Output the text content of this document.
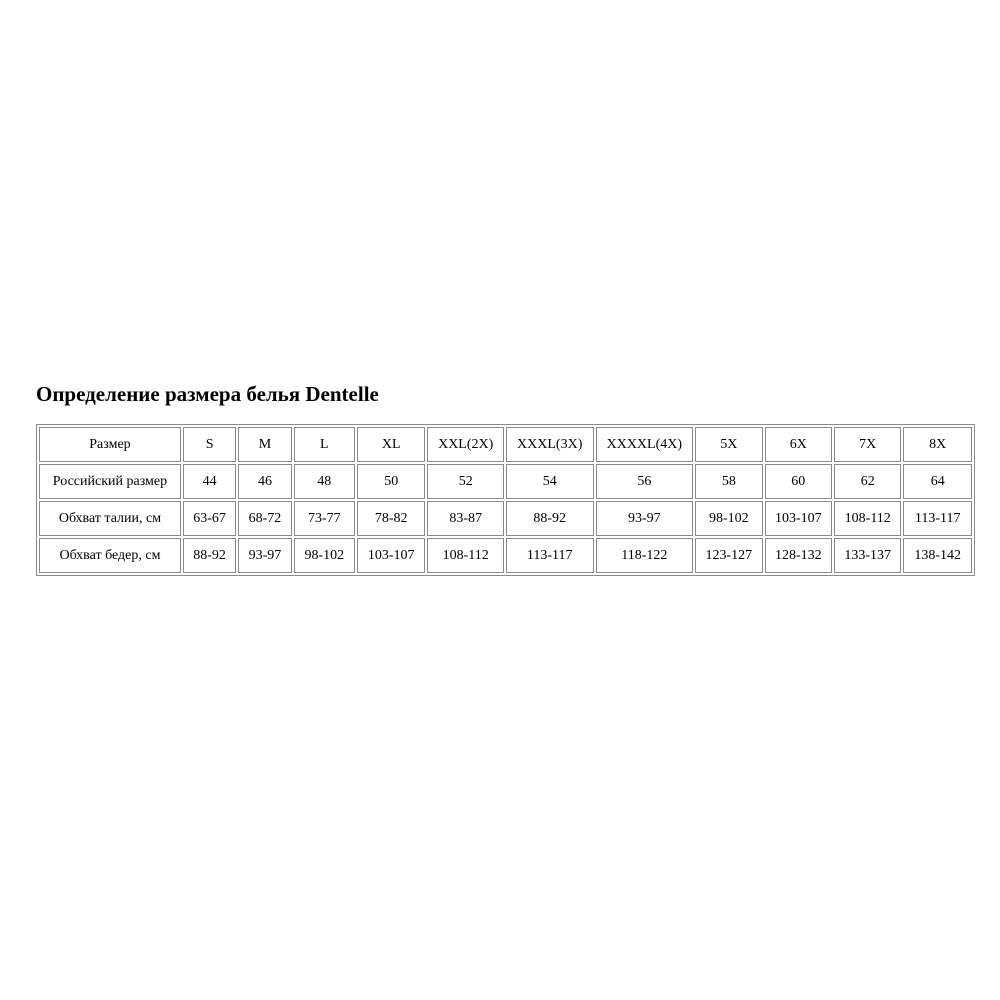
Определение размера белья Dentelle
Размер	S	M	L	XL	XXL(2X)	XXXL(3X)	XXXXL(4X)	5X	6X	7X	8X
Российский размер	44	46	48	50	52	54	56	58	60	62	64
Обхват талии, см	63-67	68-72	73-77	78-82	83-87	88-92	93-97	98-102	103-107	108-112	113-117
Обхват бедер, см	88-92	93-97	98-102	103-107	108-112	113-117	118-122	123-127	128-132	133-137	138-142
